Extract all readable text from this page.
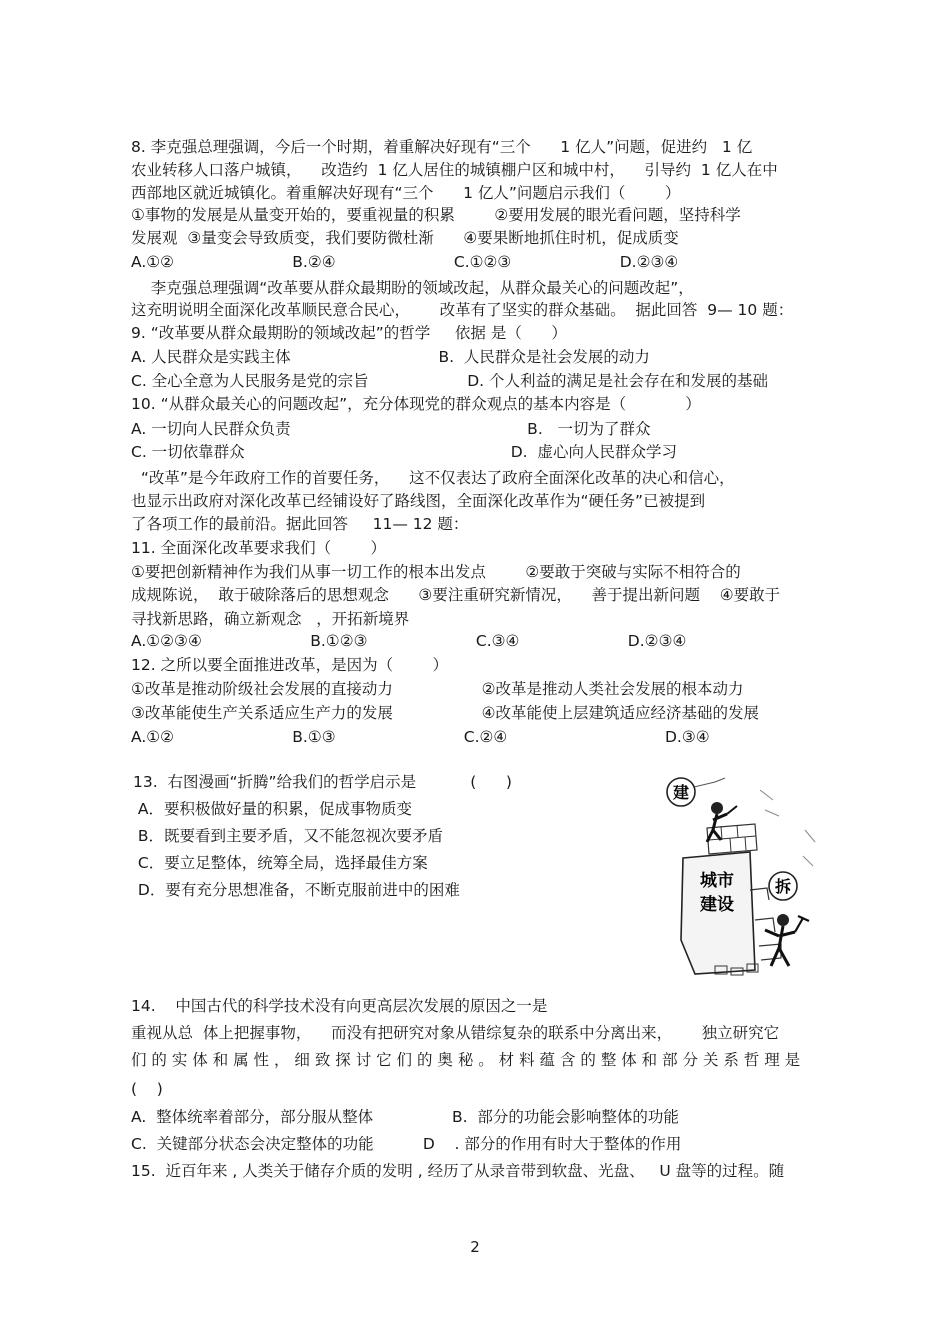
8. 李克强总理强调，今后一个时期，着重解决好现有“三个      1 亿人”问题，促进约   1 亿
农业转移人口落户城镇，    改造约  1 亿人居住的城镇棚户区和城中村，    引导约  1 亿人在中
西部地区就近城镇化。着重解决好现有“三个      1 亿人”问题启示我们（        ）
①事物的发展是从量变开始的，要重视量的积累        ②要用发展的眼光看问题，坚持科学
发展观  ③量变会导致质变，我们要防微杜渐      ④要果断地抓住时机，促成质变
A.①②                        B.②④                        C.①②③                      D.②③④
李克强总理强调“改革要从群众最期盼的领域改起，从群众最关心的问题改起”，
这充明说明全面深化改革顺民意合民心，      改革有了坚实的群众基础。  据此回答  9— 10 题：
9. “改革要从群众最期盼的领域改起”的哲学     依据 是（      ）
A. 人民群众是实践主体                              B.  人民群众是社会发展的动力
C. 全心全意为人民服务是党的宗旨                    D. 个人利益的满足是社会存在和发展的基础
10. “从群众最关心的问题改起”，充分体现党的群众观点的基本内容是（            ）
A. 一切向人民群众负责                                                B.   一切为了群众
C. 一切依靠群众                                                      D.  虚心向人民群众学习
“改革”是今年政府工作的首要任务，    这不仅表达了政府全面深化改革的决心和信心，
也显示出政府对深化改革已经铺设好了路线图，全面深化改革作为“硬任务”已被提到
了各项工作的最前沿。据此回答     11— 12 题：
11. 全面深化改革要求我们（        ）
①要把创新精神作为我们从事一切工作的根本出发点        ②要敢于突破与实际不相符合的
成规陈说，  敢于破除落后的思想观念      ③要注重研究新情况，    善于提出新问题    ④要敢于
寻找新思路，确立新观念   ，开拓新境界
A.①②③④                      B.①②③                      C.③④                      D.②③④
12. 之所以要全面推进改革，是因为（        ）
①改革是推动阶级社会发展的直接动力                  ②改革是推动人类社会发展的根本动力
③改革能使生产关系适应生产力的发展                  ④改革能使上层建筑适应经济基础的发展
A.①②                        B.①③                          C.②④                                D.③④
13.  右图漫画“折腾”给我们的哲学启示是           (      )
A．要积极做好量的积累，促成事物质变
B．既要看到主要矛盾，又不能忽视次要矛盾
C．要立足整体，统筹全局，选择最佳方案
D．要有充分思想准备，不断克服前进中的困难
14.    中国古代的科学技术没有向更高层次发展的原因之一是
重视从总  体上把握事物，    而没有把研究对象从错综复杂的联系中分离出来，      独立研究它
们 的 实 体 和 属 性 ， 细 致 探 讨 它 们 的 奥 秘 。 材 料 蕴 含 的 整 体 和 部 分 关 系 哲 理 是
(    )
A.  整体统率着部分，部分服从整体                B.  部分的功能会影响整体的功能
C.  关键部分状态会决定整体的功能          D    . 部分的作用有时大于整体的作用
15.  近百年来 , 人类关于储存介质的发明 , 经历了从录音带到软盘、光盘、   U 盘等的过程。随
建
城市
建设
拆
2
